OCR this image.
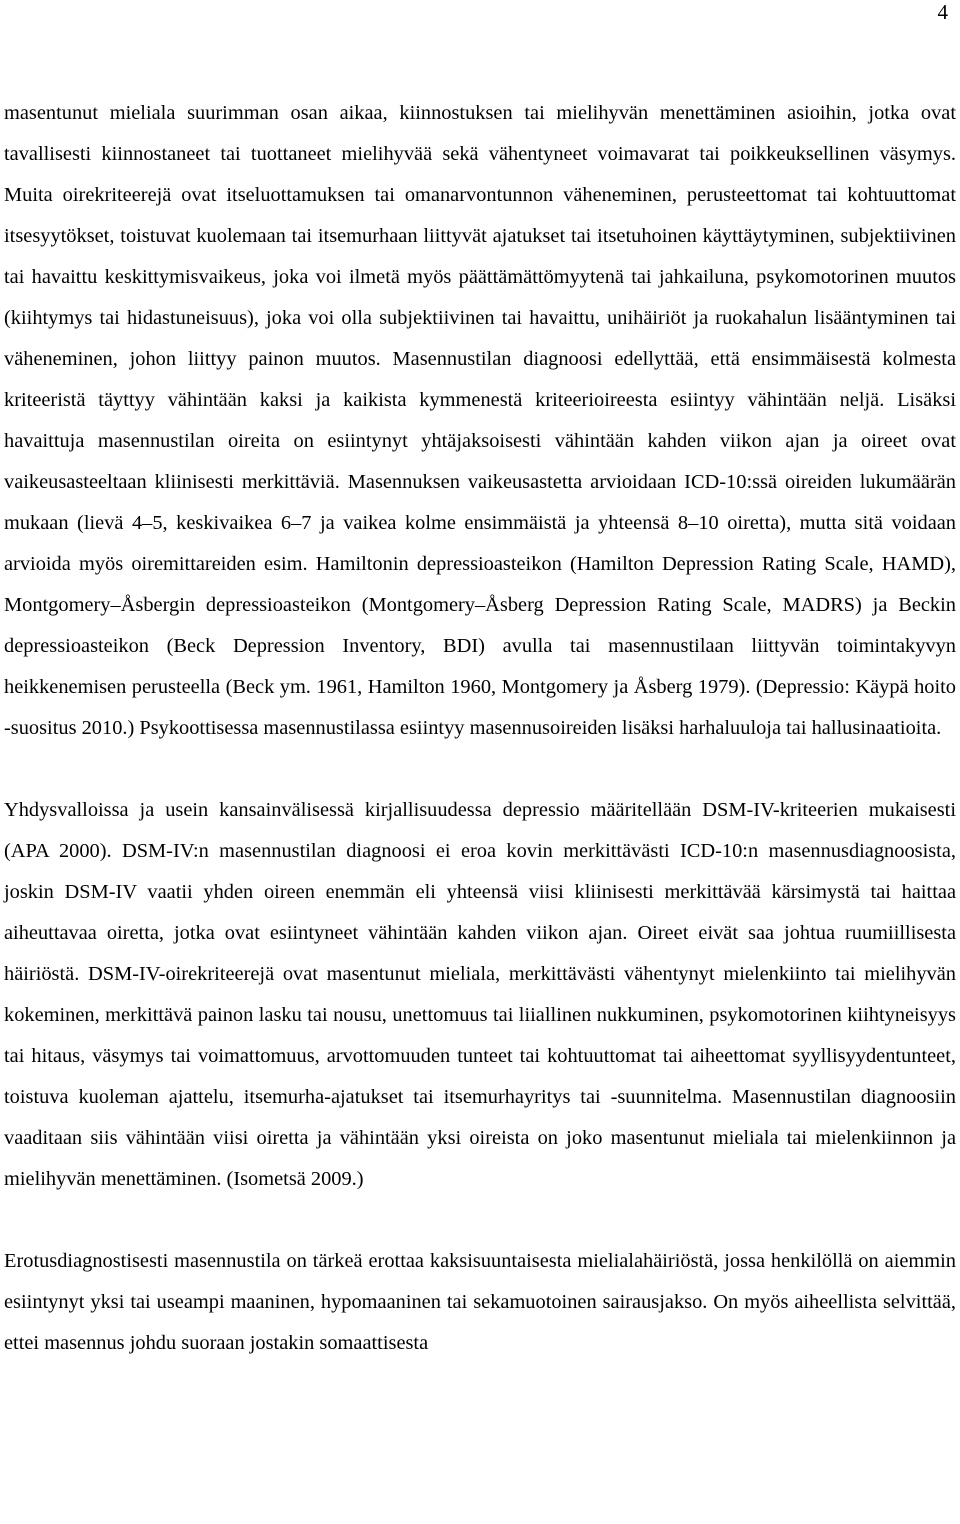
4

masentunut mieliala suurimman osan aikaa, kiinnostuksen tai mielihyvän menettäminen asioihin, jotka ovat tavallisesti kiinnostaneet tai tuottaneet mielihyvää sekä vähentyneet voimavarat tai poikkeuksellinen väsymys. Muita oirekriteerejä ovat itseluottamuksen tai omanarvontunnon väheneminen, perusteettomat tai kohtuuttomat itsesyytökset, toistuvat kuolemaan tai itsemurhaan liittyvät ajatukset tai itsetuhoinen käyttäytyminen, subjektiivinen tai havaittu keskittymisvaikeus, joka voi ilmetä myös päättämättömyytenä tai jahkailuna, psykomotorinen muutos (kiihtymys tai hidastuneisuus), joka voi olla subjektiivinen tai havaittu, unihäiriöt ja ruokahalun lisääntyminen tai väheneminen, johon liittyy painon muutos. Masennustilan diagnoosi edellyttää, että ensimmäisestä kolmesta kriteeristä täyttyy vähintään kaksi ja kaikista kymmenestä kriteerioireesta esiintyy vähintään neljä. Lisäksi havaittuja masennustilan oireita on esiintynyt yhtäjaksoisesti vähintään kahden viikon ajan ja oireet ovat vaikeusasteeltaan kliinisesti merkittäviä. Masennuksen vaikeusastetta arvioidaan ICD-10:ssä oireiden lukumäärän mukaan (lievä 4–5, keskivaikea 6–7 ja vaikea kolme ensimmäistä ja yhteensä 8–10 oiretta), mutta sitä voidaan arvioida myös oiremittareiden esim. Hamiltonin depressioasteikon (Hamilton Depression Rating Scale, HAMD), Montgomery–Åsbergin depressioasteikon (Montgomery–Åsberg Depression Rating Scale, MADRS) ja Beckin depressioasteikon (Beck Depression Inventory, BDI) avulla tai masennustilaan liittyvän toimintakyvyn heikkenemisen perusteella (Beck ym. 1961, Hamilton 1960, Montgomery ja Åsberg 1979). (Depressio: Käypä hoito -suositus 2010.) Psykoottisessa masennustilassa esiintyy masennusoireiden lisäksi harhaluuloja tai hallusinaatioita.

Yhdysvalloissa ja usein kansainvälisessä kirjallisuudessa depressio määritellään DSM-IV-kriteerien mukaisesti (APA 2000). DSM-IV:n masennustilan diagnoosi ei eroa kovin merkittävästi ICD-10:n masennusdiagnoosista, joskin DSM-IV vaatii yhden oireen enemmän eli yhteensä viisi kliinisesti merkittävää kärsimystä tai haittaa aiheuttavaa oiretta, jotka ovat esiintyneet vähintään kahden viikon ajan. Oireet eivät saa johtua ruumiillisesta häiriöstä. DSM-IV-oirekriteerejä ovat masentunut mieliala, merkittävästi vähentynyt mielenkiinto tai mielihyvän kokeminen, merkittävä painon lasku tai nousu, unettomuus tai liiallinen nukkuminen, psykomotorinen kiihtyneisyys tai hitaus, väsymys tai voimattomuus, arvottomuuden tunteet tai kohtuuttomat tai aiheettomat syyllisyydentunteet, toistuva kuoleman ajattelu, itsemurha-ajatukset tai itsemurhayritys tai -suunnitelma. Masennustilan diagnoosiin vaaditaan siis vähintään viisi oiretta ja vähintään yksi oireista on joko masentunut mieliala tai mielenkiinnon ja mielihyvän menettäminen. (Isometsä 2009.)

Erotusdiagnostisesti masennustila on tärkeä erottaa kaksisuuntaisesta mielialahäiriöstä, jossa henkilöllä on aiemmin esiintynyt yksi tai useampi maaninen, hypomaaninen tai sekamuotoinen sairausjakso. On myös aiheellista selvittää, ettei masennus johdu suoraan jostakin somaattisesta
